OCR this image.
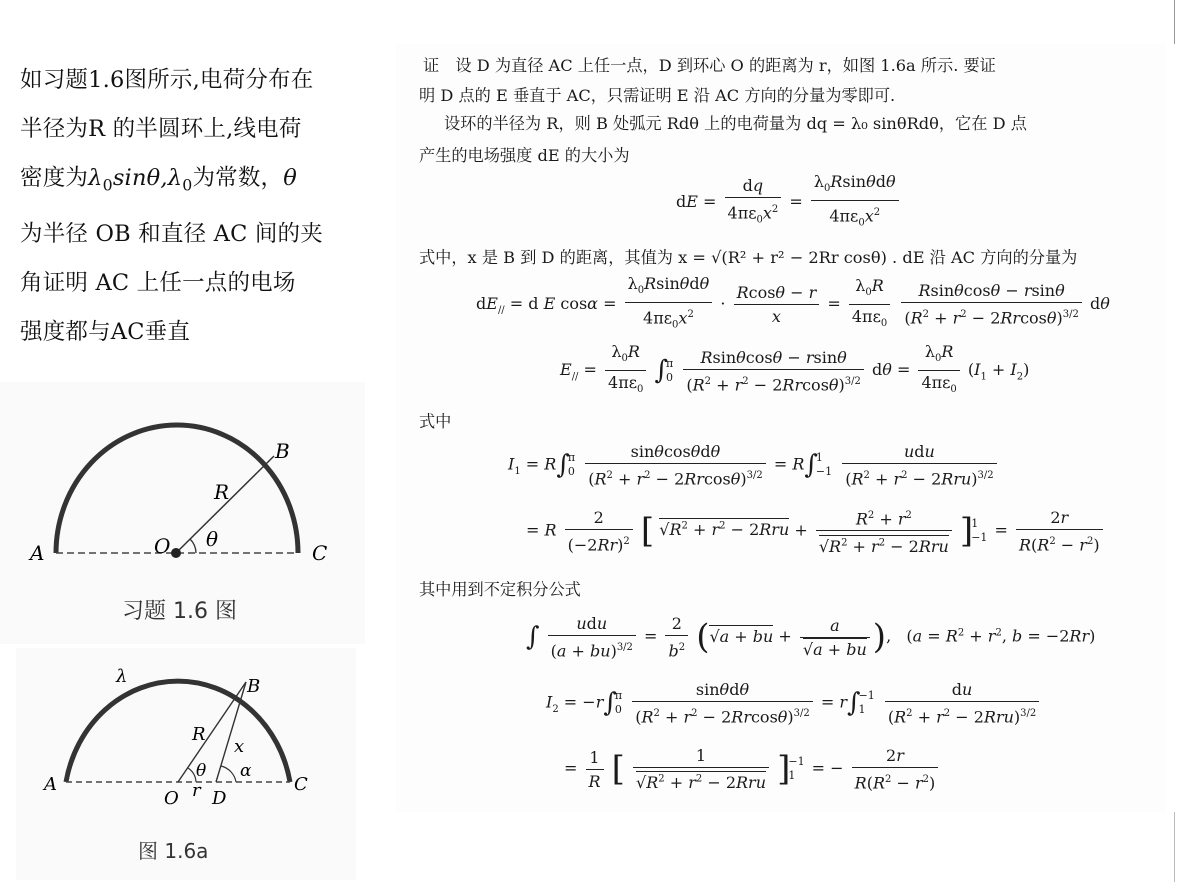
如习题1.6图所示,电荷分布在
半径为R 的半圆环上,线电荷
密度为$\lambda_0\sin\theta,\lambda_0$为常数，θ
为半径 OB 和直径 AC 间的夹
角证明 AC 上任一点的电场
强度都与AC垂直
A
B
C
O
R
θ
习题 1.6 图
λ
A
B
C
O r D
R
x
θ α
图 1.6a
证　设 D 为直径 AC 上任一点，D 到环心 O 的距离为 r，如图 1.6a 所示. 要证
明 D 点的 E 垂直于 AC，只需证明 E 沿 AC 方向的分量为零即可.
设环的半径为 R，则 B 处弧元 Rdθ 上的电荷量为 dq = λ₀ sinθRdθ，它在 D 点
产生的电场强度 dE 的大小为
dE = $\frac{dq}{4\pi\varepsilon_0x^2} = \frac{\lambda_0Rsin\theta d\theta}{4\pi\varepsilon_0x^2}$
式中，x 是 B 到 D 的距离，其值为 x = √(R² + r² − 2Rr cosθ) . dE 沿 AC 方向的分量为
$dE_{//} = d$ E $\cos\alpha = \frac{\lambda_0Rsin\theta d\theta}{4\pi\varepsilon_0x^2} \cdot \frac{Rcos\theta - r}{x} = \frac{\lambda_0R}{4\pi\varepsilon_0}$
$\frac{Rsin\theta\cos\theta - rsin\theta}{(R^2 + r^2 - 2Rrcos\theta)^{3/2}}$ dθ
$E_{//} = \frac{\lambda_0R}{4\pi\varepsilon_0} \int\pi$
$0 \frac{Rsin\theta\cos\theta - rsin\theta}{(R^2 + r^2 - 2Rrcos\theta)^{3/2}}$ $d\theta = \frac{\lambda_0R}{4\pi\varepsilon_0} (I_1 + I_2)$
式中
$I_1 = R\int\pi$
$0 \frac{\text{sinθcosθdθ}}{(R^2 + r^2 - 2Rrcos\theta)^{3/2}} = R\int 1$
$-1 \frac{\text{udu}}{(R^2 + r^2 - 2Rru)^{3/2}}$
= R $\frac{2}{(-2Rr)^2}$ [ $√R^2 + r^2 - 2Rru + \frac{R^2 + r^2}{√R^2 + r^2 - 2Rru} ]1$
$-1 = \frac{2r}{R(R^2 - r^2)}$
其中用到不定积分公式
∫ $\frac{\text{udu}}{(a + bu)^{3/2}} = \frac{2}{b^2} (√a$ + bu + $\frac{a}{√a + bu}$ ),   ($a = R^2 + r^2$, b = −2Rr)
$I_2 = -r\int\pi$
$0 \frac{\text{sinθdθ}}{(R^2 + r^2 - 2Rrcos\theta)^{3/2}} = r\int-1$
$1 \frac{du}{(R^2 + r^2 - 2Rru)^{3/2}}$
= $\frac{1}{R}$ [ $\frac{1}{√R^2 + r^2 - 2Rru} ]-1$
1 = − $\frac{2r}{R(R^2 - r^2)}$
